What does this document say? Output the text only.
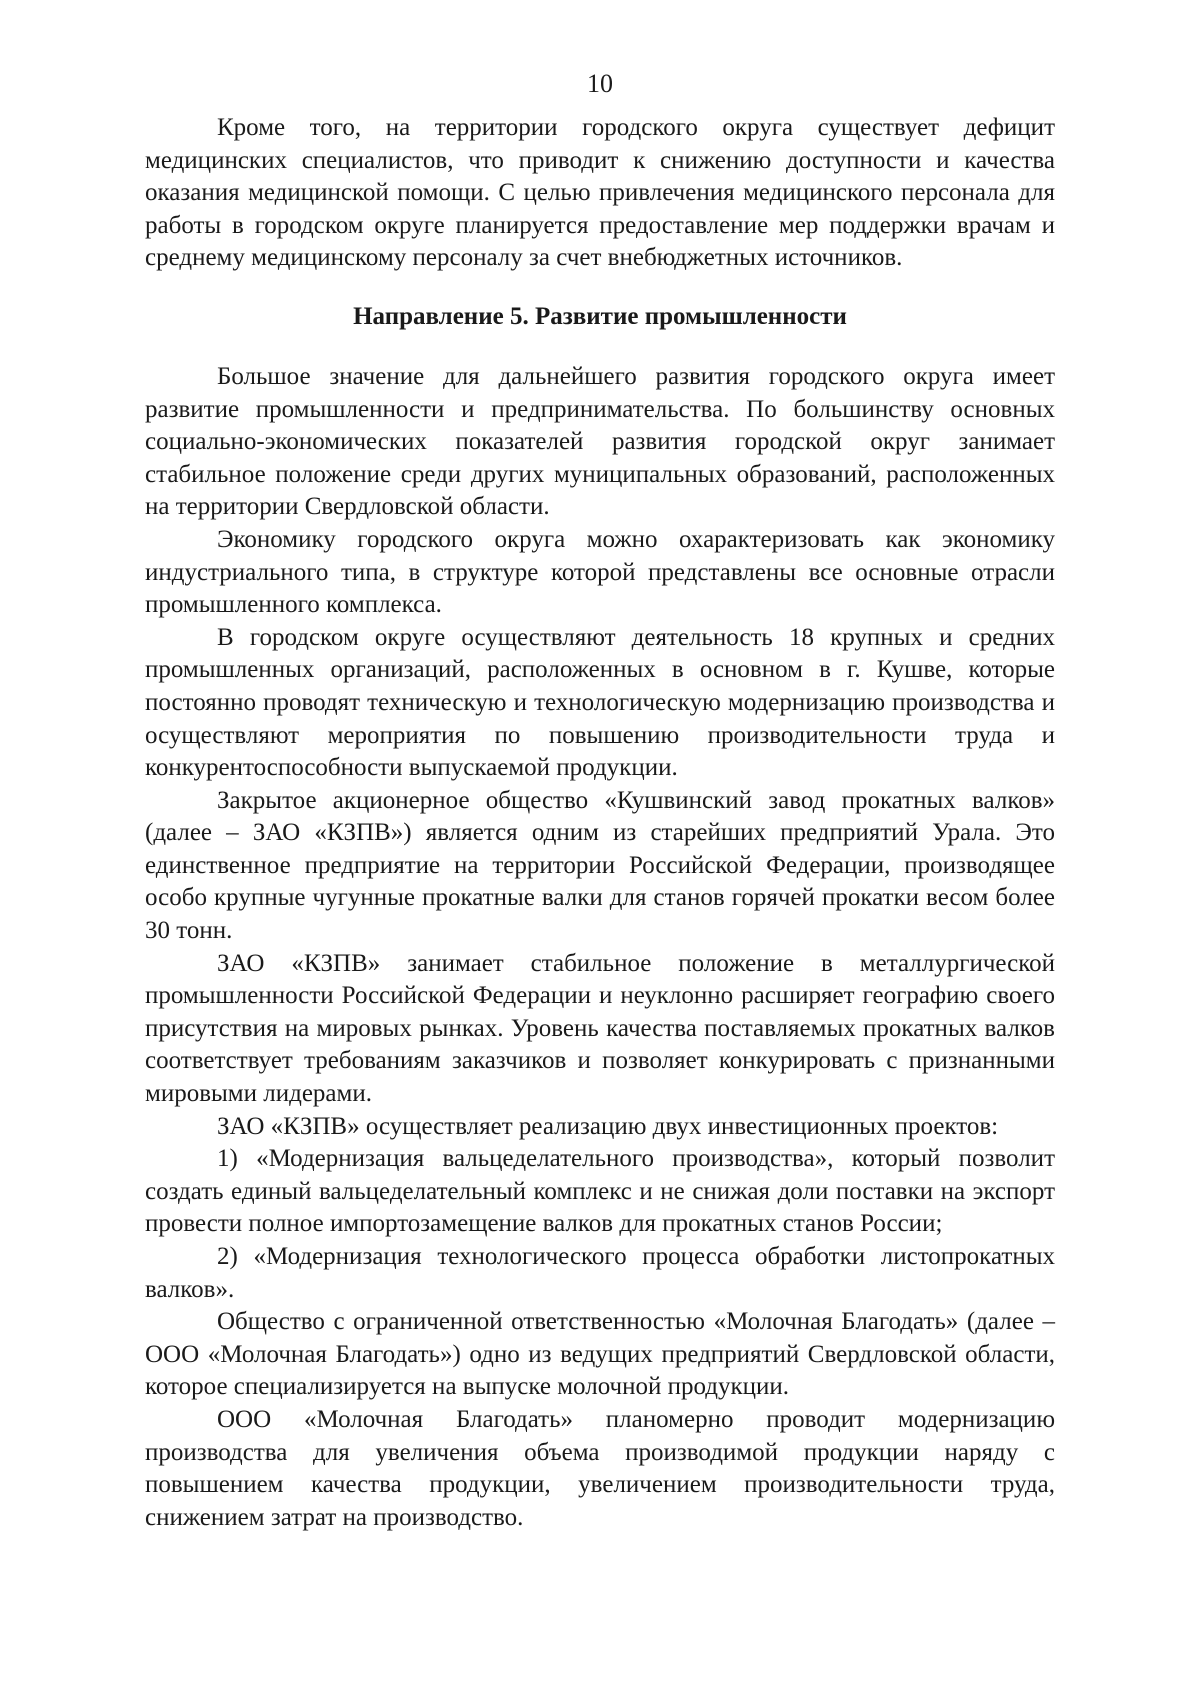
10

Кроме того, на территории городского округа существует дефицит медицинских специалистов, что приводит к снижению доступности и качества оказания медицинской помощи. С целью привлечения медицинского персонала для работы в городском округе планируется предоставление мер поддержки врачам и среднему медицинскому персоналу за счет внебюджетных источников.

Направление 5. Развитие промышленности

Большое значение для дальнейшего развития городского округа имеет развитие промышленности и предпринимательства. По большинству основных социально-экономических показателей развития городской округ занимает стабильное положение среди других муниципальных образований, расположенных на территории Свердловской области.

Экономику городского округа можно охарактеризовать как экономику индустриального типа, в структуре которой представлены все основные отрасли промышленного комплекса.

В городском округе осуществляют деятельность 18 крупных и средних промышленных организаций, расположенных в основном в г. Кушве, которые постоянно проводят техническую и технологическую модернизацию производства и осуществляют мероприятия по повышению производительности труда и конкурентоспособности выпускаемой продукции.

Закрытое акционерное общество «Кушвинский завод прокатных валков» (далее – ЗАО «КЗПВ») является одним из старейших предприятий Урала. Это единственное предприятие на территории Российской Федерации, производящее особо крупные чугунные прокатные валки для станов горячей прокатки весом более 30 тонн.

ЗАО «КЗПВ» занимает стабильное положение в металлургической промышленности Российской Федерации и неуклонно расширяет географию своего присутствия на мировых рынках. Уровень качества поставляемых прокатных валков соответствует требованиям заказчиков и позволяет конкурировать с признанными мировыми лидерами.

ЗАО «КЗПВ» осуществляет реализацию двух инвестиционных проектов:

1) «Модернизация вальцеделательного производства», который позволит создать единый вальцеделательный комплекс и не снижая доли поставки на экспорт провести полное импортозамещение валков для прокатных станов России;

2) «Модернизация технологического процесса обработки листопрокатных валков».

Общество с ограниченной ответственностью «Молочная Благодать» (далее – ООО «Молочная Благодать») одно из ведущих предприятий Свердловской области, которое специализируется на выпуске молочной продукции.

ООО «Молочная Благодать» планомерно проводит модернизацию производства для увеличения объема производимой продукции наряду с повышением качества продукции, увеличением производительности труда, снижением затрат на производство.
